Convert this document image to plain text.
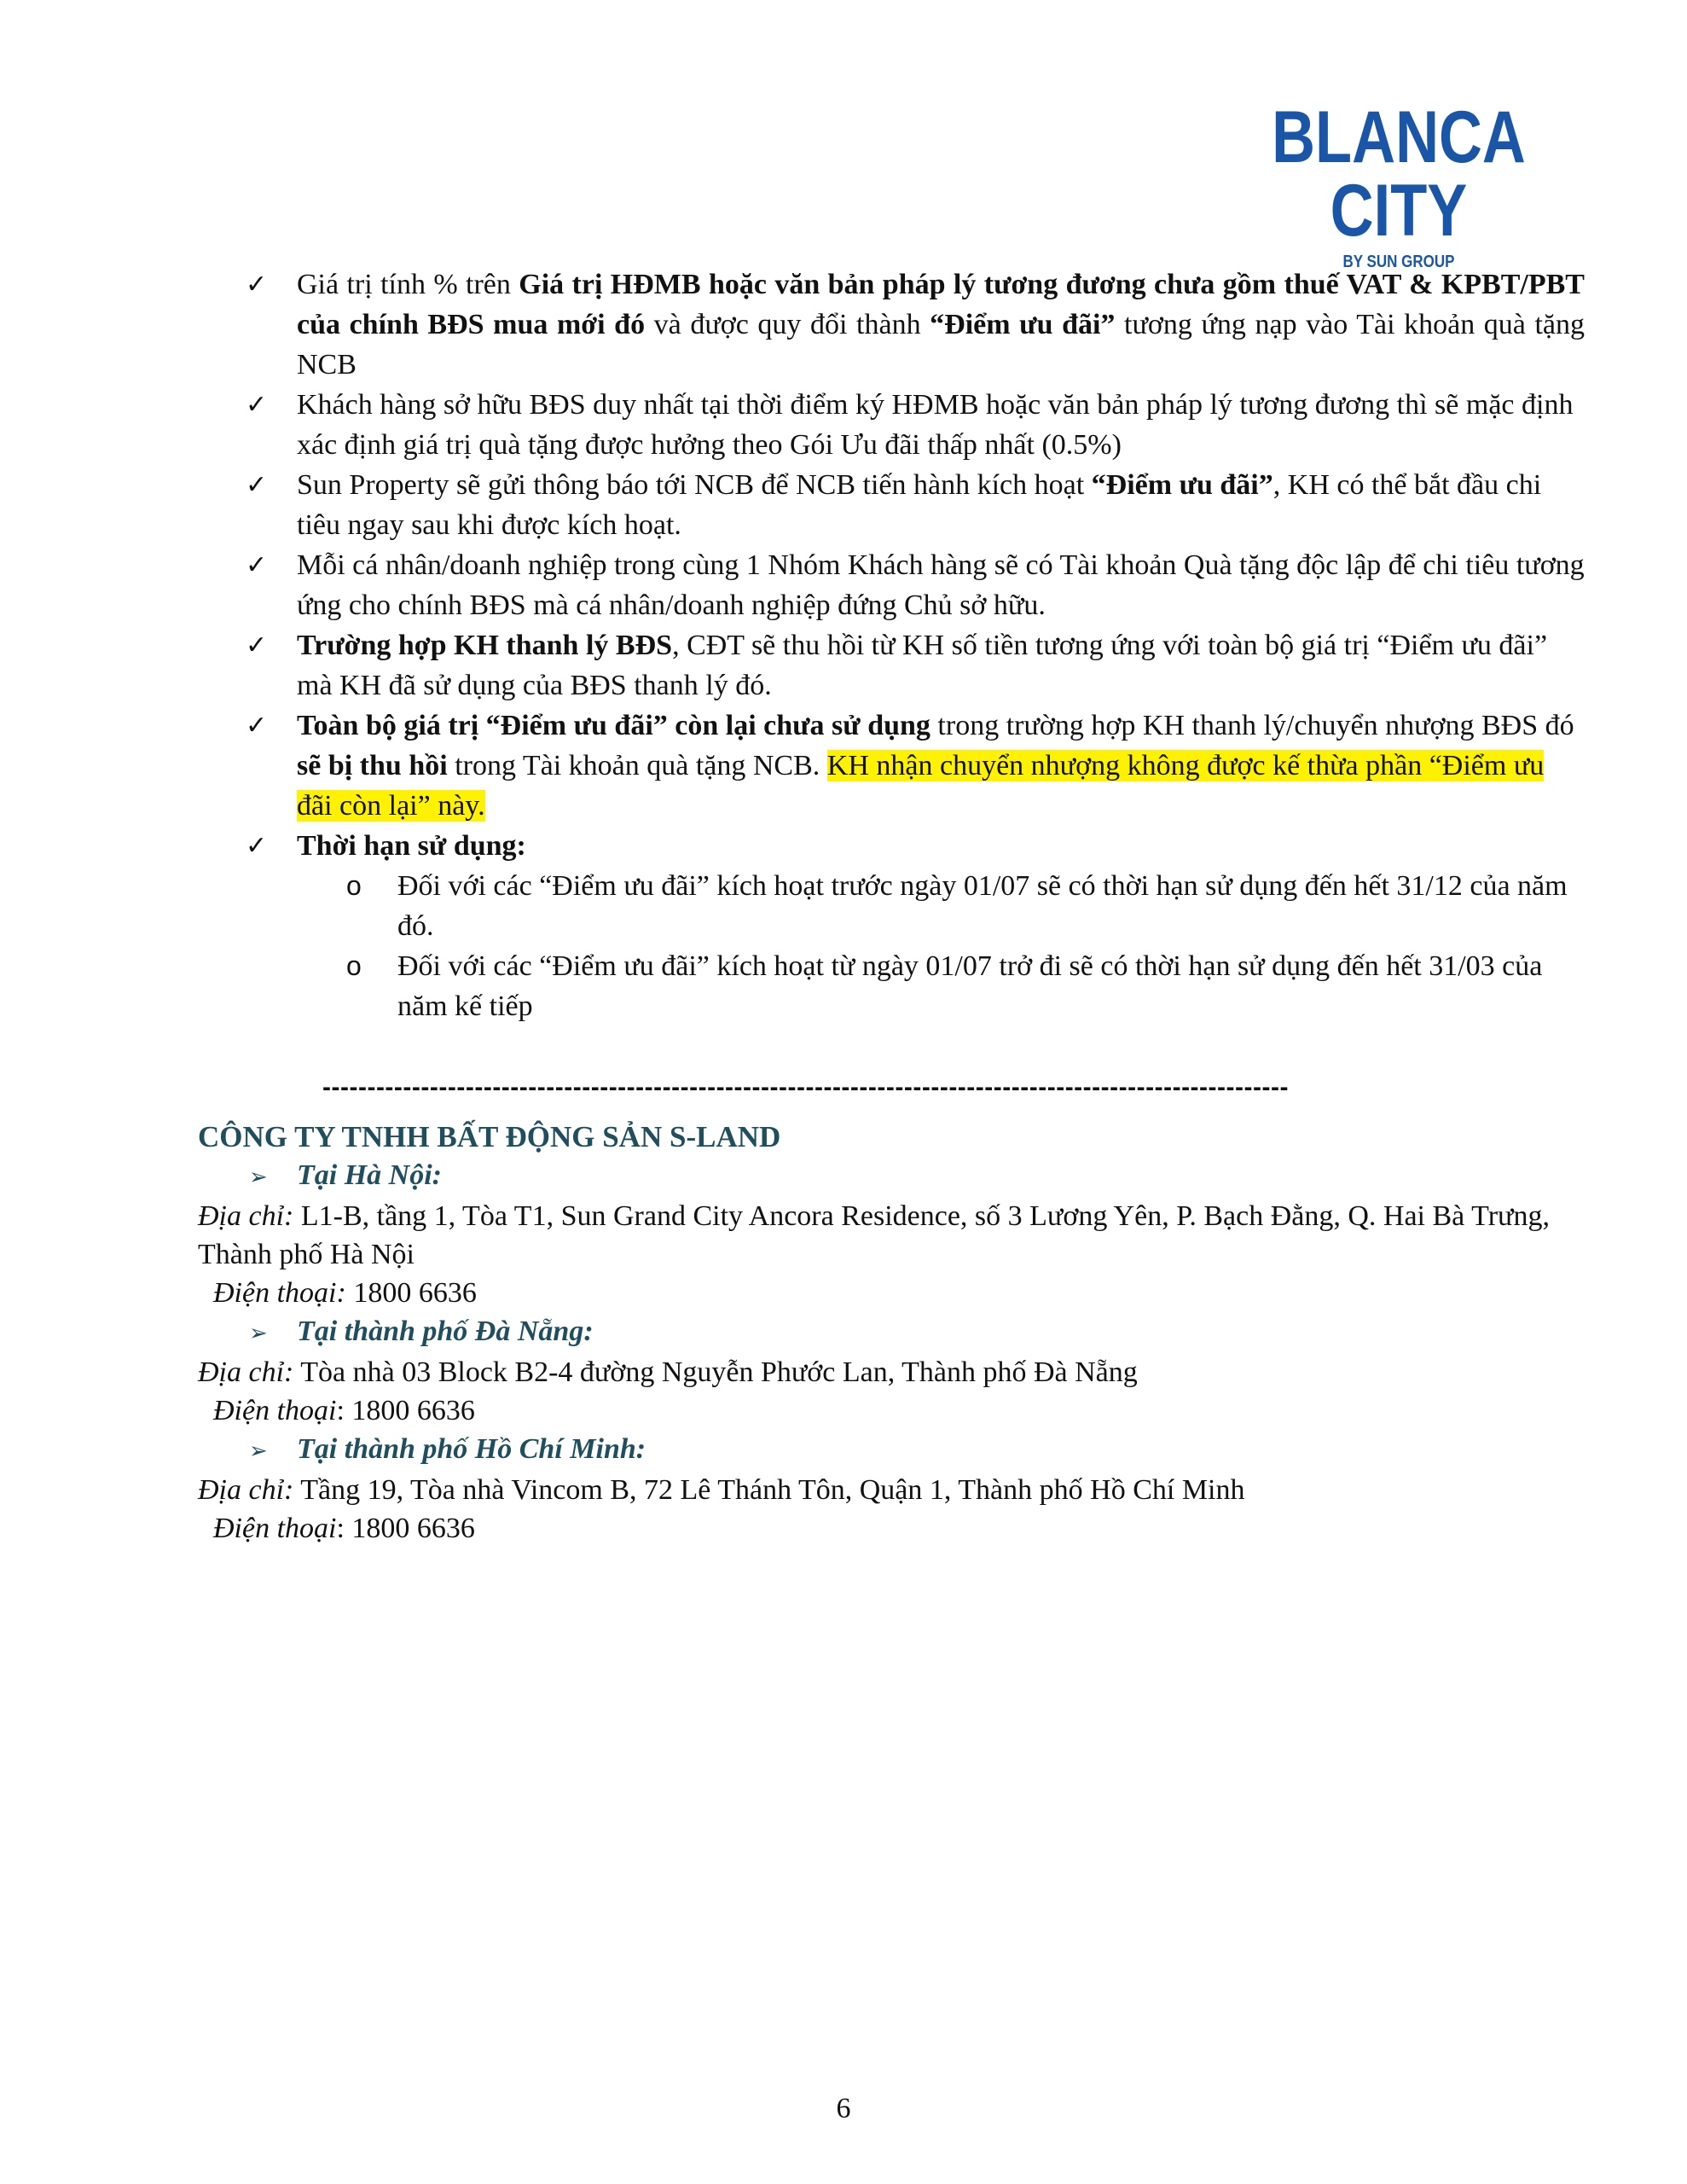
BLANCA CITY
BY SUN GROUP
✓ Giá trị tính % trên Giá trị HĐMB hoặc văn bản pháp lý tương đương chưa gồm thuế VAT & KPBT/PBT của chính BĐS mua mới đó và được quy đổi thành “Điểm ưu đãi” tương ứng nạp vào Tài khoản quà tặng NCB
✓ Khách hàng sở hữu BĐS duy nhất tại thời điểm ký HĐMB hoặc văn bản pháp lý tương đương thì sẽ mặc định xác định giá trị quà tặng được hưởng theo Gói Ưu đãi thấp nhất (0.5%)
✓ Sun Property sẽ gửi thông báo tới NCB để NCB tiến hành kích hoạt “Điểm ưu đãi”, KH có thể bắt đầu chi tiêu ngay sau khi được kích hoạt.
✓ Mỗi cá nhân/doanh nghiệp trong cùng 1 Nhóm Khách hàng sẽ có Tài khoản Quà tặng độc lập để chi tiêu tương ứng cho chính BĐS mà cá nhân/doanh nghiệp đứng Chủ sở hữu.
✓ Trường hợp KH thanh lý BĐS, CĐT sẽ thu hồi từ KH số tiền tương ứng với toàn bộ giá trị “Điểm ưu đãi” mà KH đã sử dụng của BĐS thanh lý đó.
✓ Toàn bộ giá trị “Điểm ưu đãi” còn lại chưa sử dụng trong trường hợp KH thanh lý/chuyển nhượng BĐS đó sẽ bị thu hồi trong Tài khoản quà tặng NCB. KH nhận chuyển nhượng không được kế thừa phần “Điểm ưu đãi còn lại” này.
✓ Thời hạn sử dụng:
o Đối với các “Điểm ưu đãi” kích hoạt trước ngày 01/07 sẽ có thời hạn sử dụng đến hết 31/12 của năm đó.
o Đối với các “Điểm ưu đãi” kích hoạt từ ngày 01/07 trở đi sẽ có thời hạn sử dụng đến hết 31/03 của năm kế tiếp
------------------------------------------------------------------------------------------------------------
CÔNG TY TNHH BẤT ĐỘNG SẢN S-LAND
➢ Tại Hà Nội:
Địa chỉ: L1-B, tầng 1, Tòa T1, Sun Grand City Ancora Residence, số 3 Lương Yên, P. Bạch Đằng, Q. Hai Bà Trưng, Thành phố Hà Nội
Điện thoại: 1800 6636
➢ Tại thành phố Đà Nẵng:
Địa chỉ: Tòa nhà 03 Block B2-4 đường Nguyễn Phước Lan, Thành phố Đà Nẵng
Điện thoại: 1800 6636
➢ Tại thành phố Hồ Chí Minh:
Địa chỉ: Tầng 19, Tòa nhà Vincom B, 72 Lê Thánh Tôn, Quận 1, Thành phố Hồ Chí Minh
Điện thoại: 1800 6636
6
